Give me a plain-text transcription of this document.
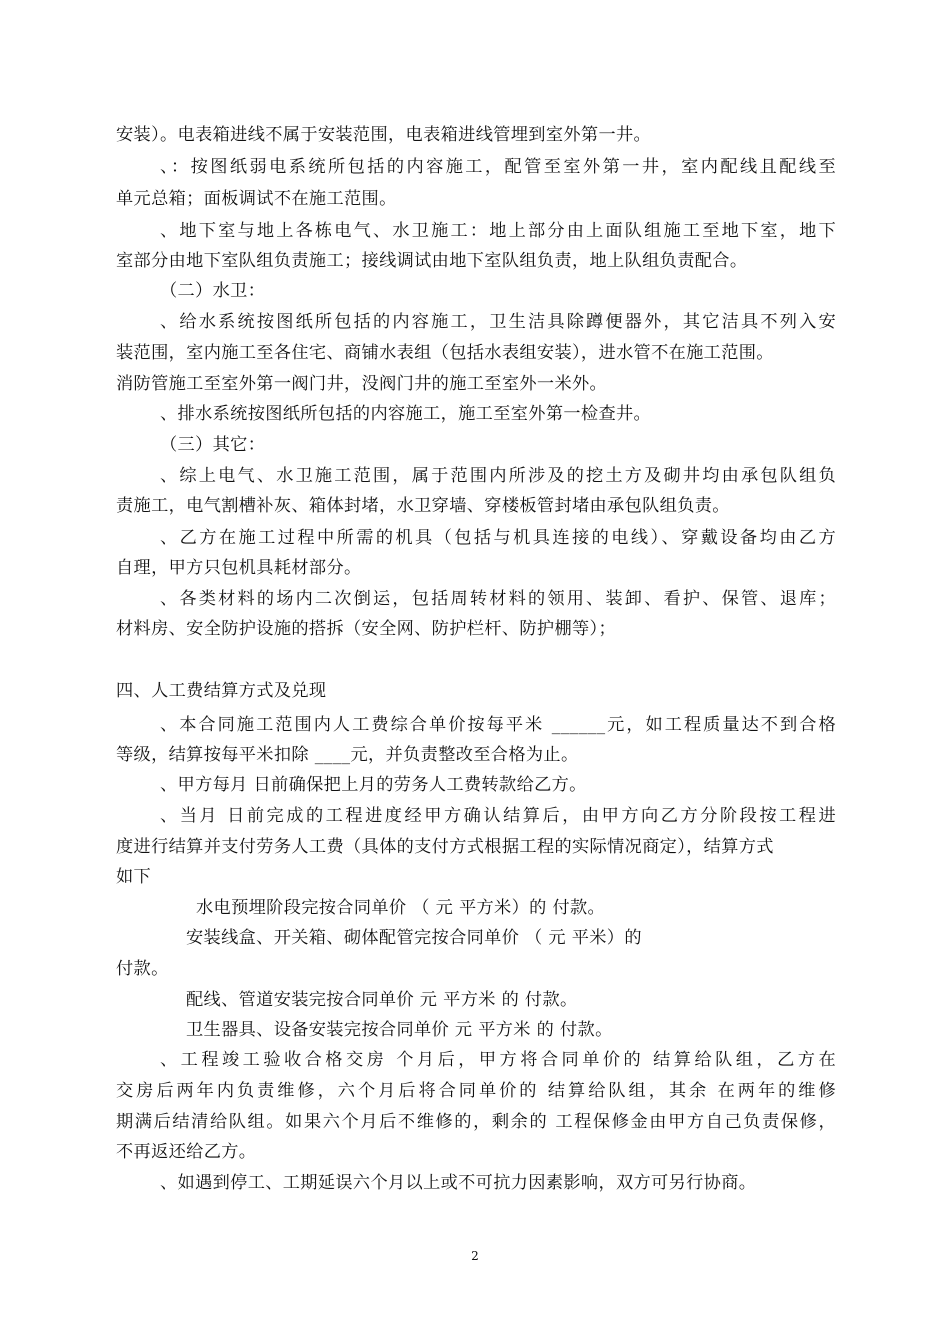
安装）。电表箱进线不属于安装范围，电表箱进线管埋到室外第一井。
、：按图纸弱电系统所包括的内容施工，配管至室外第一井，室内配线且配线至
单元总箱；面板调试不在施工范围。
、地下室与地上各栋电气、水卫施工：地上部分由上面队组施工至地下室，地下
室部分由地下室队组负责施工；接线调试由地下室队组负责，地上队组负责配合。
（二）水卫：
、给水系统按图纸所包括的内容施工，卫生洁具除蹲便器外，其它洁具不列入安
装范围，室内施工至各住宅、商铺水表组（包括水表组安装），进水管不在施工范围。
消防管施工至室外第一阀门井，没阀门井的施工至室外一米外。
、排水系统按图纸所包括的内容施工，施工至室外第一检查井。
（三）其它：
、综上电气、水卫施工范围，属于范围内所涉及的挖土方及砌井均由承包队组负
责施工，电气割槽补灰、箱体封堵，水卫穿墙、穿楼板管封堵由承包队组负责。
、乙方在施工过程中所需的机具（包括与机具连接的电线）、穿戴设备均由乙方
自理，甲方只包机具耗材部分。
、各类材料的场内二次倒运，包括周转材料的领用、装卸、看护、保管、退库；
材料房、安全防护设施的搭拆（安全网、防护栏杆、防护棚等）；
四、人工费结算方式及兑现
、本合同施工范围内人工费综合单价按每平米 ______元，如工程质量达不到合格
等级，结算按每平米扣除 ____元，并负责整改至合格为止。
、甲方每月 日前确保把上月的劳务人工费转款给乙方。
、当月 日前完成的工程进度经甲方确认结算后，由甲方向乙方分阶段按工程进
度进行结算并支付劳务人工费（具体的支付方式根据工程的实际情况商定），结算方式
如下
水电预埋阶段完按合同单价 （ 元 平方米）的 付款。
安装线盒、开关箱、砌体配管完按合同单价 （ 元 平米）的
付款。
配线、管道安装完按合同单价 元 平方米 的 付款。
卫生器具、设备安装完按合同单价 元 平方米 的 付款。
、工程竣工验收合格交房 个月后，甲方将合同单价的 结算给队组，乙方在
交房后两年内负责维修，六个月后将合同单价的 结算给队组，其余 在两年的维修
期满后结清给队组。如果六个月后不维修的，剩余的 工程保修金由甲方自己负责保修，
不再返还给乙方。
、如遇到停工、工期延误六个月以上或不可抗力因素影响，双方可另行协商。
2
